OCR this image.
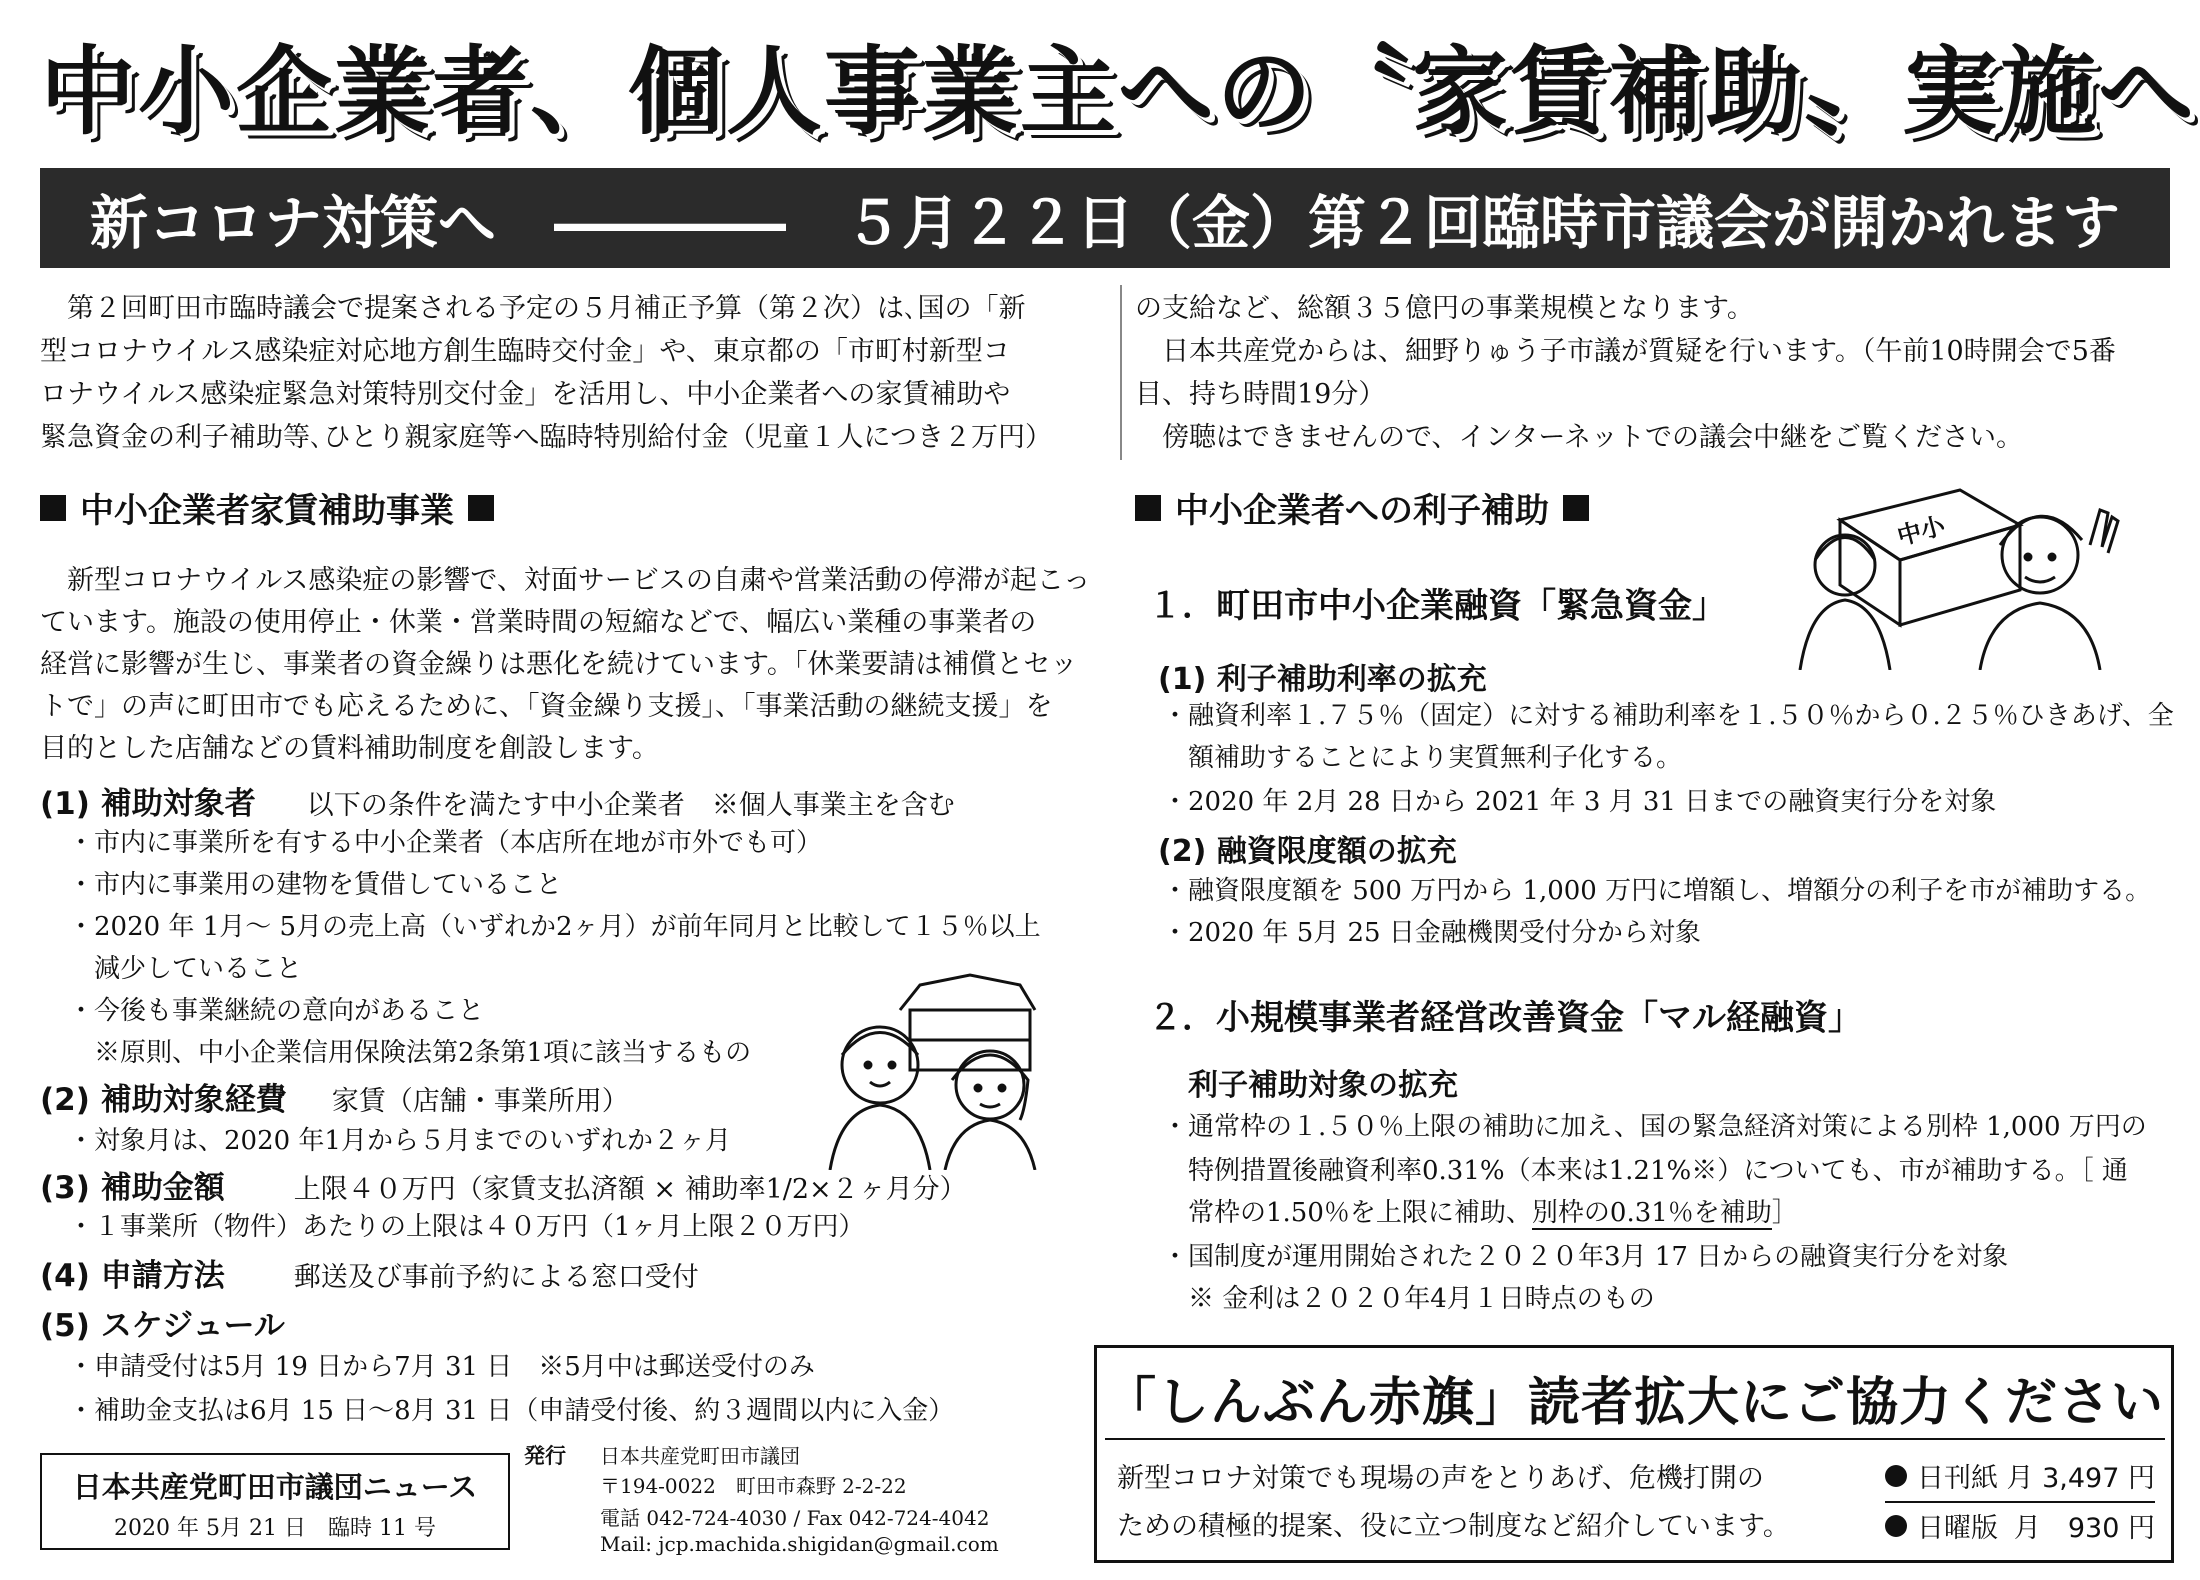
中小企業者、個人事業主への〝家賃補助〟実施へ
新コロナ対策へ　――――　５月２２日（金）第２回臨時市議会が開かれます
　第２回町田市臨時議会で提案される予定の５月補正予算（第２次）は､国の「新
型コロナウイルス感染症対応地方創生臨時交付金」や、東京都の「市町村新型コ
ロナウイルス感染症緊急対策特別交付金」を活用し、中小企業者への家賃補助や
緊急資金の利子補助等､ひとり親家庭等へ臨時特別給付金（児童１人につき２万円）
の支給など、総額３５億円の事業規模となります。
　日本共産党からは、細野りゅう子市議が質疑を行います。（午前10時開会で5番
目、持ち時間19分）
　傍聴はできませんので、インターネットでの議会中継をご覧ください。
中小企業者家賃補助事業
　新型コロナウイルス感染症の影響で、対面サービスの自粛や営業活動の停滞が起こっ
ています。施設の使用停止・休業・営業時間の短縮などで、幅広い業種の事業者の
経営に影響が生じ、事業者の資金繰りは悪化を続けています。「休業要請は補償とセッ
トで」の声に町田市でも応えるために、「資金繰り支援」、「事業活動の継続支援」を
目的とした店舗などの賃料補助制度を創設します。
(1) 補助対象者 以下の条件を満たす中小企業者　※個人事業主を含む
・市内に事業所を有する中小企業者（本店所在地が市外でも可）
・市内に事業用の建物を賃借していること
・2020 年 1月〜 5月の売上高（いずれか2ヶ月）が前年同月と比較して１５％以上
　減少していること
・今後も事業継続の意向があること
　※原則、中小企業信用保険法第2条第1項に該当するもの
(2) 補助対象経費 家賃（店舗・事業所用）
・対象月は、2020 年1月から５月までのいずれか２ヶ月
(3) 補助金額	上限４０万円（家賃支払済額 × 補助率1/2×２ヶ月分）
・１事業所（物件）あたりの上限は４０万円（1ヶ月上限２０万円）
(4) 申請方法	郵送及び事前予約による窓口受付
(5) スケジュール
・申請受付は5月 19 日から7月 31 日　※5月中は郵送受付のみ
・補助金支払は6月 15 日〜8月 31 日（申請受付後、約３週間以内に入金）
中小企業者への利子補助
中小
１．町田市中小企業融資「緊急資金」
(1) 利子補助利率の拡充
・融資利率１.７５％（固定）に対する補助利率を１.５０％から０.２５％ひきあげ、全
　額補助することにより実質無利子化する。
・2020 年 2月 28 日から 2021 年 3 月 31 日までの融資実行分を対象
(2) 融資限度額の拡充
・融資限度額を 500 万円から 1,000 万円に増額し、増額分の利子を市が補助する。
・2020 年 5月 25 日金融機関受付分から対象
２．小規模事業者経営改善資金「マル経融資」
利子補助対象の拡充
・通常枠の１.５０％上限の補助に加え、国の緊急経済対策による別枠 1,000 万円の
　特例措置後融資利率0.31%（本来は1.21%※）についても、市が補助する。［ 通
　常枠の1.50％を上限に補助、別枠の0.31％を補助］
・国制度が運用開始された２０２０年3月 17 日からの融資実行分を対象
　※ 金利は２０２０年4月１日時点のもの
日本共産党町田市議団ニュース
2020 年 5月 21 日　臨時 11 号
発行 日本共産党町田市議団
〒194-0022　町田市森野 2-2-22
電話 042-724-4030 / Fax 042-724-4042
Mail: jcp.machida.shigidan@gmail.com
「しんぶん赤旗」読者拡大にご協力ください
新型コロナ対策でも現場の声をとりあげ、危機打開の
ための積極的提案、役に立つ制度など紹介しています。
日刊紙 月 3,497 円
日曜版 月　930 円
